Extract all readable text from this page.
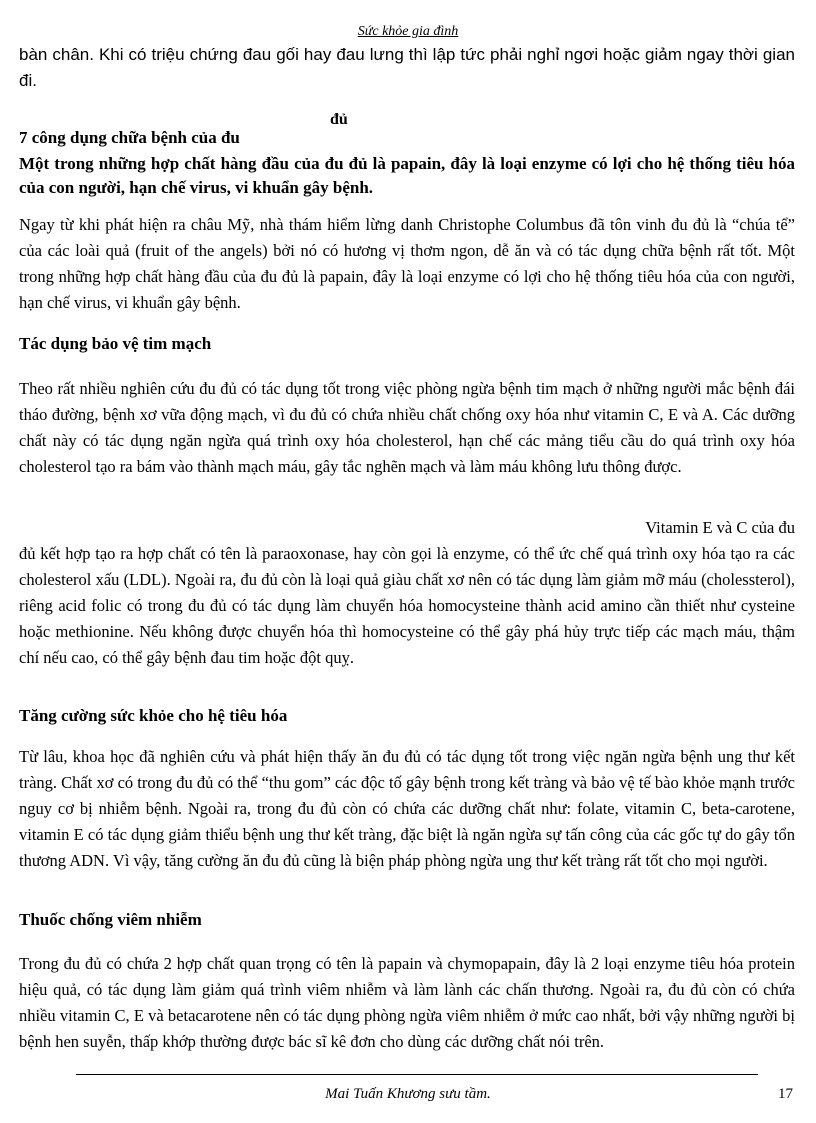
Sức khỏe gia đình
bàn chân. Khi có triệu chứng đau gối hay đau lưng thì lập tức phải nghỉ ngơi hoặc giảm ngay thời gian đi.
đủ
7 công dụng chữa bệnh của đu
Một trong những hợp chất hàng đầu của đu đủ là papain, đây là loại enzyme có lợi cho hệ thống tiêu hóa của con người, hạn chế virus, vi khuẩn gây bệnh.

Ngay từ khi phát hiện ra châu Mỹ, nhà thám hiểm lừng danh Christophe Columbus đã tôn vinh đu đủ là “chúa tể” của các loài quả (fruit of the angels) bởi nó có hương vị thơm ngon, dễ ăn và có tác dụng chữa bệnh rất tốt. Một trong những hợp chất hàng đầu của đu đủ là papain, đây là loại enzyme có lợi cho hệ thống tiêu hóa của con người, hạn chế virus, vi khuẩn gây bệnh.

Tác dụng bảo vệ tim mạch

Theo rất nhiều nghiên cứu đu đủ có tác dụng tốt trong việc phòng ngừa bệnh tim mạch ở những người mắc bệnh đái tháo đường, bệnh xơ vữa động mạch, vì đu đủ có chứa nhiều chất chống oxy hóa như vitamin C, E và A. Các dưỡng chất này có tác dụng ngăn ngừa quá trình oxy hóa cholesterol, hạn chế các mảng tiểu cầu do quá trình oxy hóa cholesterol tạo ra bám vào thành mạch máu, gây tắc nghẽn mạch và làm máu không lưu thông được.

Vitamin E và C của đu

đủ kết hợp tạo ra hợp chất có tên là paraoxonase, hay còn gọi là enzyme, có thể ức chế quá trình oxy hóa tạo ra các cholesterol xấu (LDL). Ngoài ra, đu đủ còn là loại quả giàu chất xơ nên có tác dụng làm giảm mỡ máu (cholessterol), riêng acid folic có trong đu đủ có tác dụng làm chuyển hóa homocysteine thành acid amino cần thiết như cysteine hoặc methionine. Nếu không được chuyển hóa thì homocysteine có thể gây phá hủy trực tiếp các mạch máu, thậm chí nếu cao, có thể gây bệnh đau tim hoặc đột quỵ.

Tăng cường sức khỏe cho hệ tiêu hóa

Từ lâu, khoa học đã nghiên cứu và phát hiện thấy ăn đu đủ có tác dụng tốt trong việc ngăn ngừa bệnh ung thư kết tràng. Chất xơ có trong đu đủ có thể “thu gom” các độc tố gây bệnh trong kết tràng và bảo vệ tế bào khỏe mạnh trước nguy cơ bị nhiễm bệnh. Ngoài ra, trong đu đủ còn có chứa các dưỡng chất như: folate, vitamin C, beta-carotene, vitamin E có tác dụng giảm thiểu bệnh ung thư kết tràng, đặc biệt là ngăn ngừa sự tấn công của các gốc tự do gây tổn thương ADN. Vì vậy, tăng cường ăn đu đủ cũng là biện pháp phòng ngừa ung thư kết tràng rất tốt cho mọi người.

Thuốc chống viêm nhiễm

Trong đu đủ có chứa 2 hợp chất quan trọng có tên là papain và chymopapain, đây là 2 loại enzyme tiêu hóa protein hiệu quả, có tác dụng làm giảm quá trình viêm nhiễm và làm lành các chấn thương. Ngoài ra, đu đủ còn có chứa nhiều vitamin C, E và betacarotene nên có tác dụng phòng ngừa viêm nhiễm ở mức cao nhất, bởi vậy những người bị bệnh hen suyễn, thấp khớp thường được bác sĩ kê đơn cho dùng các dưỡng chất nói trên.

Mai Tuấn Khương sưu tầm.	17
